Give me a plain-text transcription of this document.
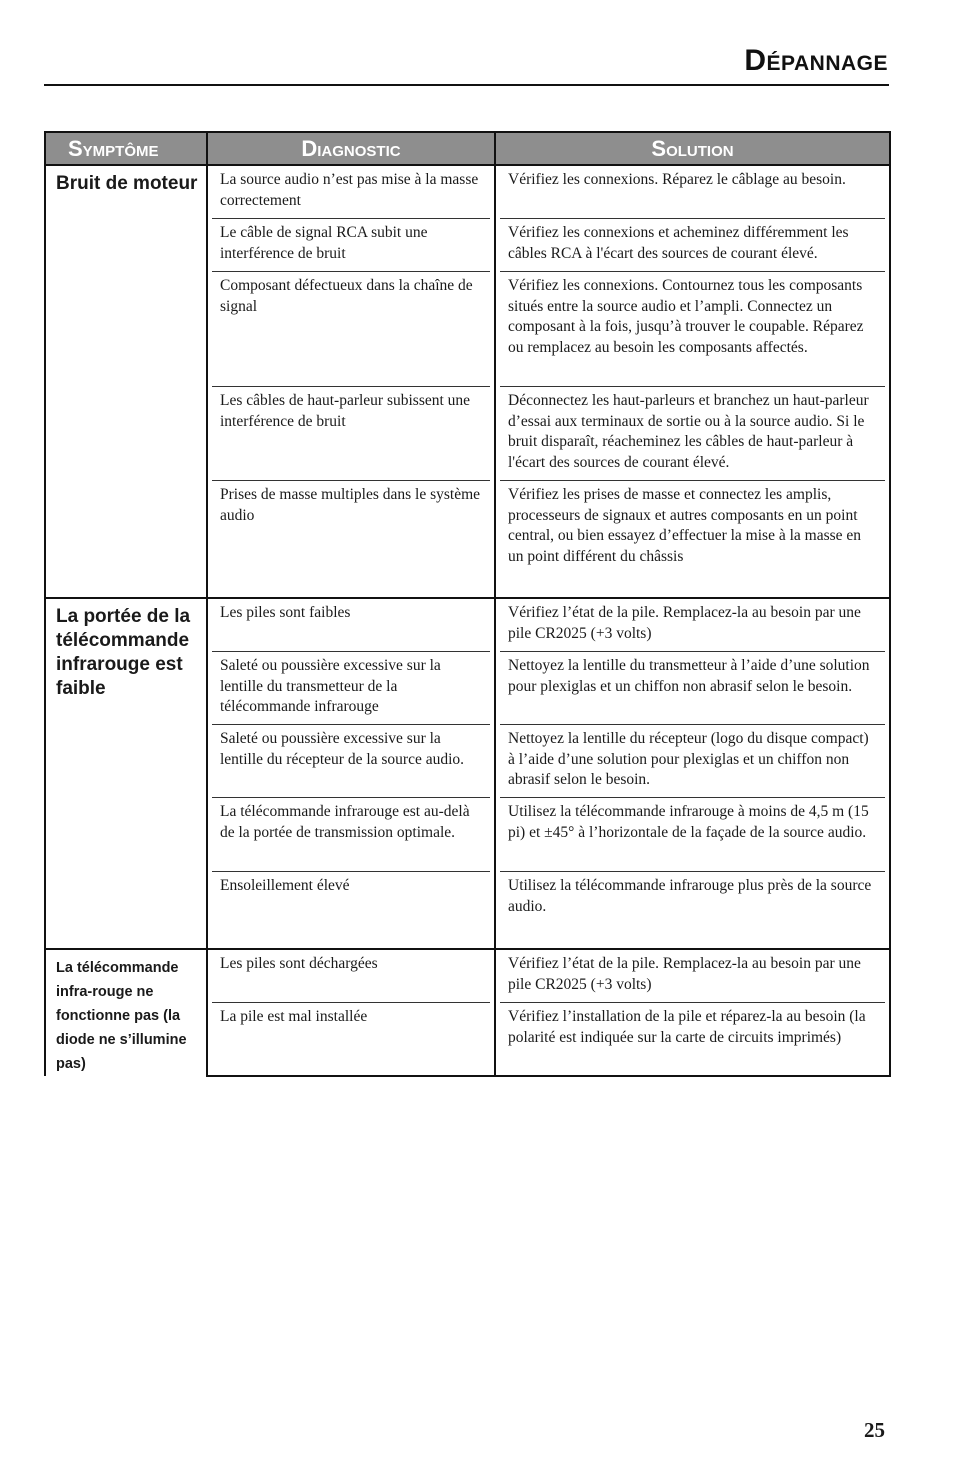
Dépannage
Symptôme	Diagnostic	Solution
Bruit de moteur	La source audio n’est pas mise à la masse correctement	Vérifiez les connexions. Réparez le câblage au besoin.

	Le câble de signal RCA subit une interférence de bruit	Vérifiez les connexions et acheminez différemment les câbles RCA à l'écart des sources de courant élevé.

	Composant défectueux dans la chaîne de signal	Vérifiez les connexions. Contournez tous les composants situés entre la source audio et l’ampli. Connectez un composant à la fois, jusqu’à trouver le coupable. Réparez ou remplacez au besoin les composants affectés.

	Les câbles de haut-parleur subissent une interférence de bruit	Déconnectez les haut-parleurs et branchez un haut-parleur d’essai aux terminaux de sortie ou à la source audio. Si le bruit disparaît, réacheminez les câbles de haut-parleur à l'écart des sources de courant élevé.

	Prises de masse multiples dans le système audio	Vérifiez les prises de masse et connectez les amplis, processeurs de signaux et autres composants en un point central, ou bien essayez d’effectuer la mise à la masse en un point différent du châssis

La portée de la télécommande infrarouge est faible	Les piles sont faibles	Vérifiez l’état de la pile. Remplacez-la au besoin par une pile CR2025 (+3 volts)

	Saleté ou poussière excessive sur la lentille du transmetteur de la télécommande infrarouge	Nettoyez la lentille du transmetteur à l’aide d’une solution pour plexiglas et un chiffon non abrasif selon le besoin.

	Saleté ou poussière excessive sur la lentille du récepteur de la source audio.	Nettoyez la lentille du récepteur (logo du disque compact) à l’aide d’une solution pour plexiglas et un chiffon non abrasif selon le besoin.

	La télécommande infrarouge est au-delà de la portée de transmission optimale.	Utilisez la télécommande infrarouge à moins de 4,5 m (15 pi) et ±45° à l’horizontale de la façade de la source audio.

	Ensoleillement élevé	Utilisez la télécommande infrarouge plus près de la source audio.

La télécommande infra-rouge ne fonctionne pas (la diode ne s’illumine pas)	Les piles sont déchargées	Vérifiez l’état de la pile. Remplacez-la au besoin par une pile CR2025 (+3 volts)

	La pile est mal installée	Vérifiez l’installation de la pile et réparez-la au besoin (la polarité est indiquée sur la carte de circuits imprimés)
25
